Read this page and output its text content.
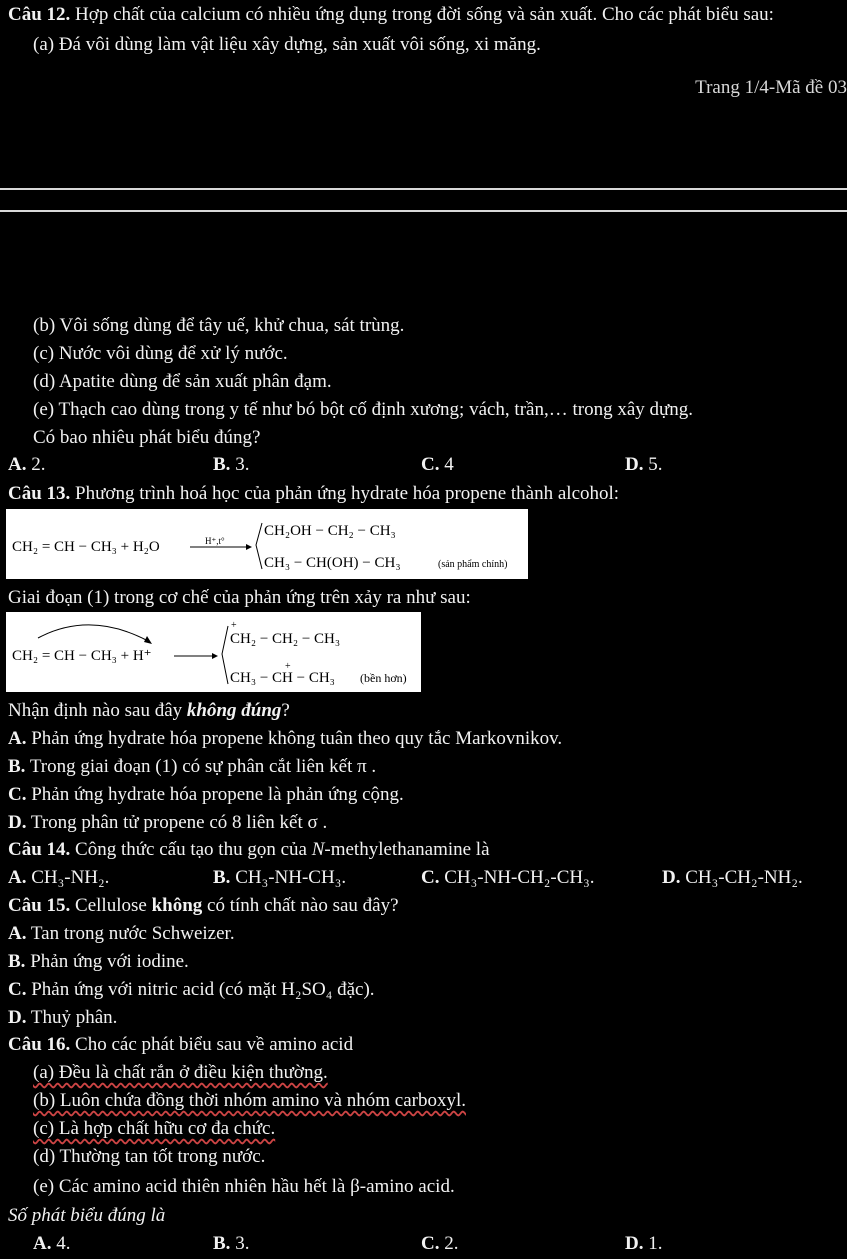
Câu 12. Hợp chất của calcium có nhiều ứng dụng trong đời sống và sản xuất. Cho các phát biểu sau:
(a) Đá vôi dùng làm vật liệu xây dựng, sản xuất vôi sống, xi măng.
Trang 1/4-Mã đề 03
(b) Vôi sống dùng để tây uế, khử chua, sát trùng.
(c) Nước vôi dùng để xử lý nước.
(d) Apatite dùng để sản xuất phân đạm.
(e) Thạch cao dùng trong y tế như bó bột cố định xương; vách, trần,… trong xây dựng.
Có bao nhiêu phát biểu đúng?
A. 2.	B. 3.	C. 4	D. 5.
Câu 13. Phương trình hoá học của phản ứng hydrate hóa propene thành alcohol:
CH₂ = CH − CH₃ + H₂O	H⁺,t°
CH₂OH − CH₂ − CH₃
CH₃ − CH(OH) − CH₃	(sản phẩm chính)
Giai đoạn (1) trong cơ chế của phản ứng trên xảy ra như sau:
CH₂ = CH − CH₃ + H⁺
+
CH₂ − CH₂ − CH₃
+
CH₃ − CH − CH₃ (bền hơn)
Nhận định nào sau đây không đúng?
A. Phản ứng hydrate hóa propene không tuân theo quy tắc Markovnikov.
B. Trong giai đoạn (1) có sự phân cắt liên kết π .
C. Phản ứng hydrate hóa propene là phản ứng cộng.
D. Trong phân tử propene có 8 liên kết σ .
Câu 14. Công thức cấu tạo thu gọn của N-methylethanamine là
A. CH₃-NH₂.	B. CH₃-NH-CH₃.	C. CH₃-NH-CH₂-CH₃.	D. CH₃-CH₂-NH₂.
Câu 15. Cellulose không có tính chất nào sau đây?
A. Tan trong nước Schweizer.
B. Phản ứng với iodine.
C. Phản ứng với nitric acid (có mặt H₂SO₄ đặc).
D. Thuỷ phân.
Câu 16. Cho các phát biểu sau về amino acid
(a) Đều là chất rắn ở điều kiện thường.
(b) Luôn chứa đồng thời nhóm amino và nhóm carboxyl.
(c) Là hợp chất hữu cơ đa chức.
(d) Thường tan tốt trong nước.
(e) Các amino acid thiên nhiên hầu hết là β-amino acid.
Số phát biểu đúng là
A. 4.	B. 3.	C. 2.	D. 1.
